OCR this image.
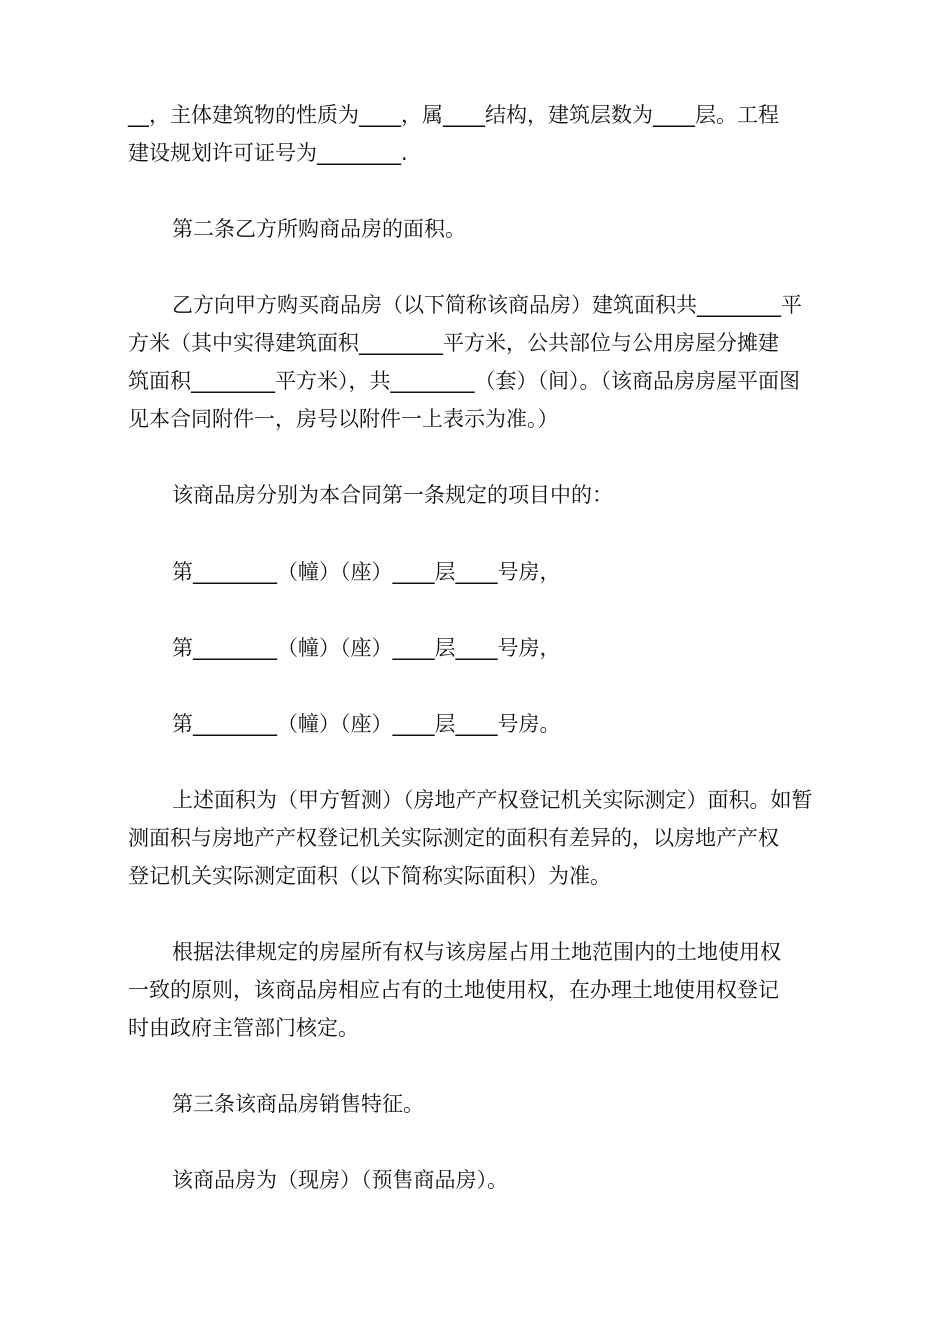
__，主体建筑物的性质为____，属____结构，建筑层数为____层。工程
建设规划许可证号为________.

第二条乙方所购商品房的面积。

乙方向甲方购买商品房（以下简称该商品房）建筑面积共________平
方米（其中实得建筑面积________平方米，公共部位与公用房屋分摊建
筑面积________平方米），共________（套）（间）。（该商品房房屋平面图
见本合同附件一，房号以附件一上表示为准。）

该商品房分别为本合同第一条规定的项目中的：

第________（幢）（座）____层____号房，

第________（幢）（座）____层____号房，

第________（幢）（座）____层____号房。

上述面积为（甲方暂测）（房地产产权登记机关实际测定）面积。如暂
测面积与房地产产权登记机关实际测定的面积有差异的，以房地产产权
登记机关实际测定面积（以下简称实际面积）为准。

根据法律规定的房屋所有权与该房屋占用土地范围内的土地使用权
一致的原则，该商品房相应占有的土地使用权，在办理土地使用权登记
时由政府主管部门核定。

第三条该商品房销售特征。

该商品房为（现房）（预售商品房）。
